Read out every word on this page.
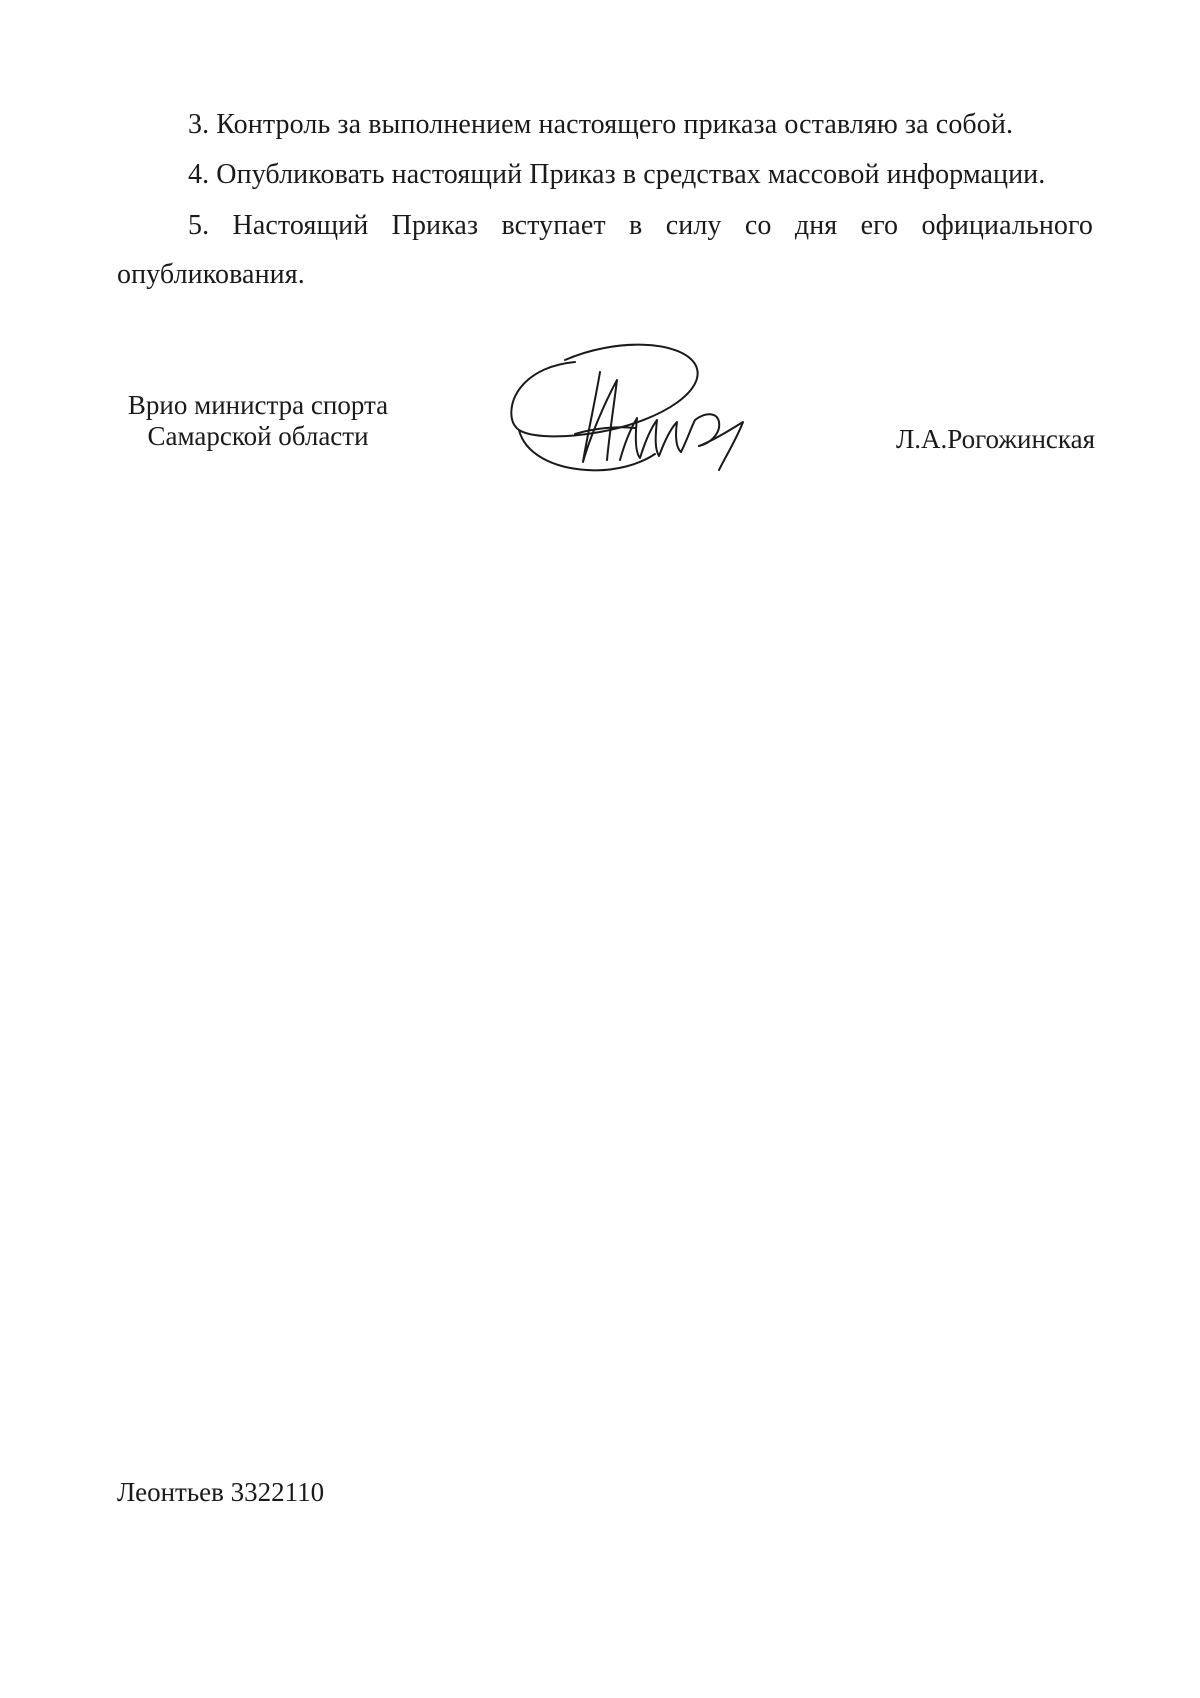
3. Контроль за выполнением настоящего приказа оставляю за собой.

4. Опубликовать настоящий Приказ в средствах массовой информации.

5. Настоящий Приказ вступает в силу со дня его официального опубликования.

Врио министра спорта
Самарской области	Л.А.Рогожинская
Леонтьев 3322110
